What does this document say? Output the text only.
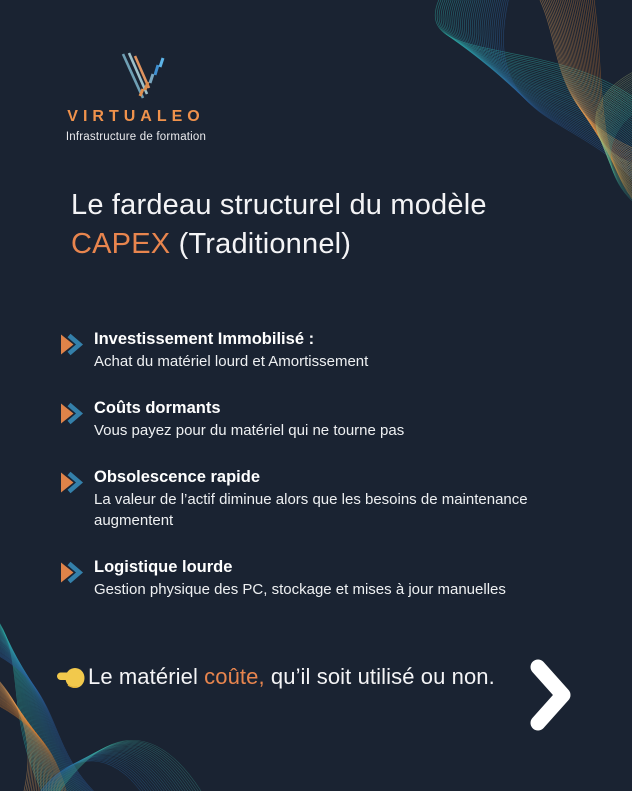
VIRTUALEO
Infrastructure de formation
Le fardeau structurel du modèle
CAPEX (Traditionnel)
Investissement Immobilisé :
Achat du matériel lourd et Amortissement
Coûts dormants
Vous payez pour du matériel qui ne tourne pas
Obsolescence rapide
La valeur de l’actif diminue alors que les besoins de maintenance augmentent
Logistique lourde
Gestion physique des PC, stockage et mises à jour manuelles
Le matériel coûte, qu’il soit utilisé ou non.
